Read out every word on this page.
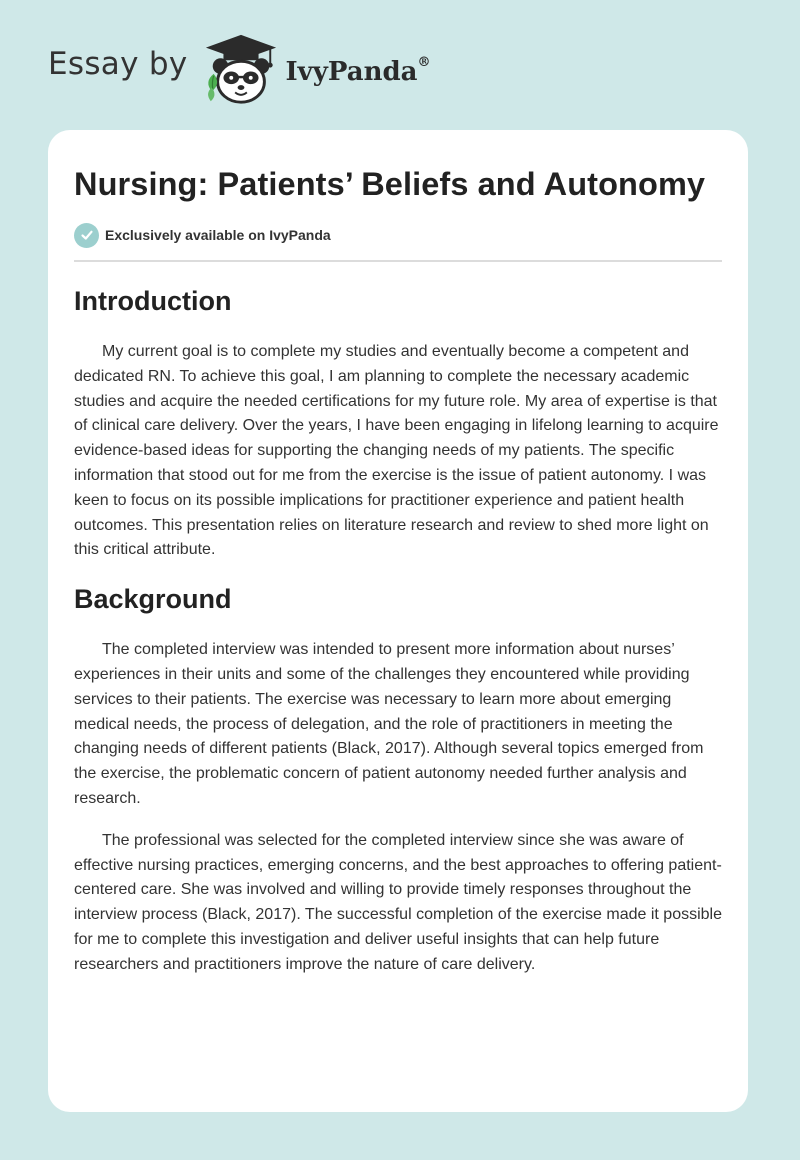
Essay by	IvyPanda®
Nursing: Patients’ Beliefs and Autonomy
Exclusively available on IvyPanda
Introduction

My current goal is to complete my studies and eventually become a competent and dedicated RN. To achieve this goal, I am planning to complete the necessary academic studies and acquire the needed certifications for my future role. My area of expertise is that of clinical care delivery. Over the years, I have been engaging in lifelong learning to acquire evidence-based ideas for supporting the changing needs of my patients. The specific information that stood out for me from the exercise is the issue of patient autonomy. I was keen to focus on its possible implications for practitioner experience and patient health outcomes. This presentation relies on literature research and review to shed more light on this critical attribute.

Background

The completed interview was intended to present more information about nurses’ experiences in their units and some of the challenges they encountered while providing services to their patients. The exercise was necessary to learn more about emerging medical needs, the process of delegation, and the role of practitioners in meeting the changing needs of different patients (Black, 2017). Although several topics emerged from the exercise, the problematic concern of patient autonomy needed further analysis and research.

The professional was selected for the completed interview since she was aware of effective nursing practices, emerging concerns, and the best approaches to offering patient-centered care. She was involved and willing to provide timely responses throughout the interview process (Black, 2017). The successful completion of the exercise made it possible for me to complete this investigation and deliver useful insights that can help future researchers and practitioners improve the nature of care delivery.
